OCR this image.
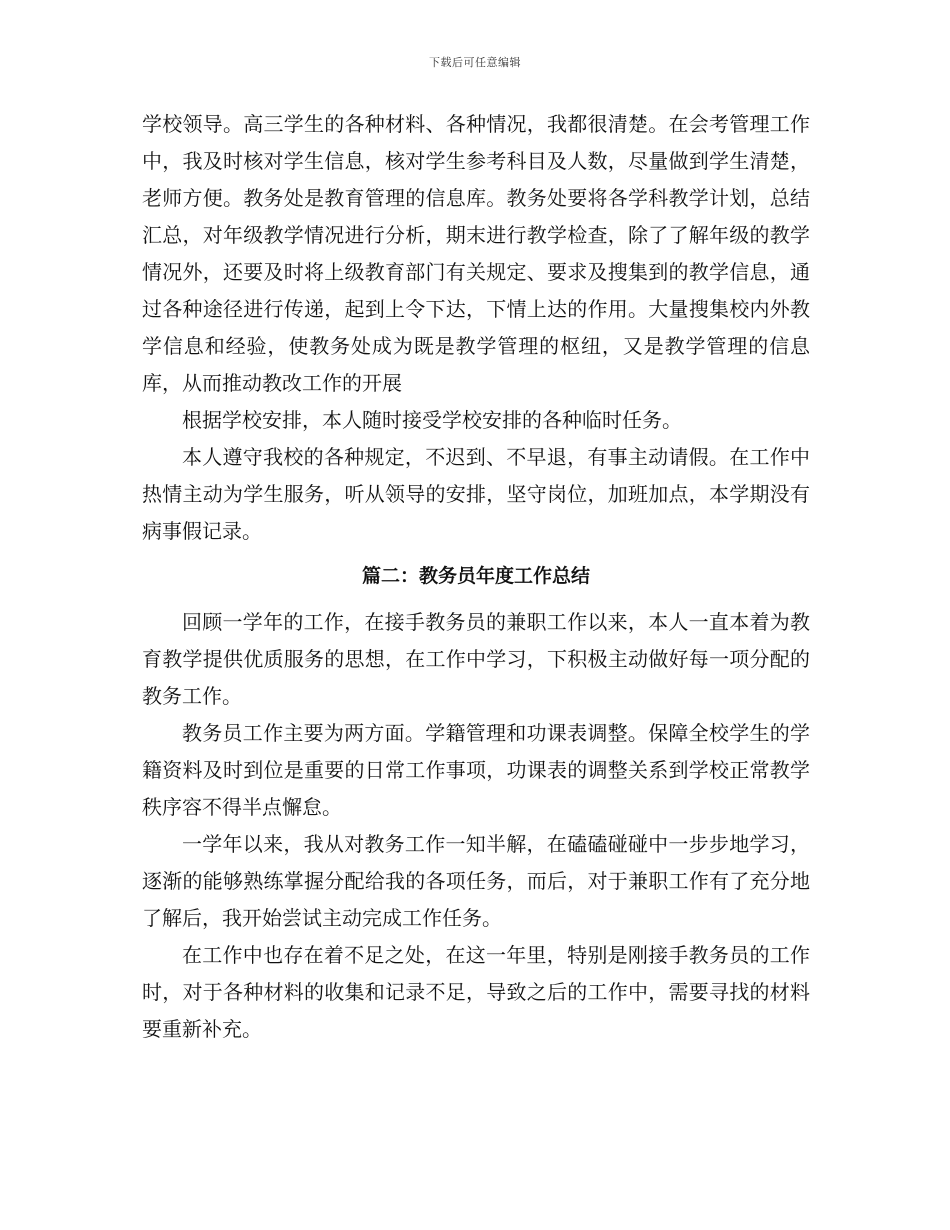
下载后可任意编辑

学校领导。高三学生的各种材料、各种情况，我都很清楚。在会考管理工作中，我及时核对学生信息，核对学生参考科目及人数，尽量做到学生清楚，老师方便。教务处是教育管理的信息库。教务处要将各学科教学计划，总结汇总，对年级教学情况进行分析，期末进行教学检查，除了了解年级的教学情况外，还要及时将上级教育部门有关规定、要求及搜集到的教学信息，通过各种途径进行传递，起到上令下达，下情上达的作用。大量搜集校内外教学信息和经验，使教务处成为既是教学管理的枢纽，又是教学管理的信息库，从而推动教改工作的开展

根据学校安排，本人随时接受学校安排的各种临时任务。

本人遵守我校的各种规定，不迟到、不早退，有事主动请假。在工作中热情主动为学生服务，听从领导的安排，坚守岗位，加班加点，本学期没有病事假记录。

篇二：教务员年度工作总结

回顾一学年的工作，在接手教务员的兼职工作以来，本人一直本着为教育教学提供优质服务的思想，在工作中学习，下积极主动做好每一项分配的教务工作。

教务员工作主要为两方面。学籍管理和功课表调整。保障全校学生的学籍资料及时到位是重要的日常工作事项，功课表的调整关系到学校正常教学秩序容不得半点懈怠。

一学年以来，我从对教务工作一知半解，在磕磕碰碰中一步步地学习，逐渐的能够熟练掌握分配给我的各项任务，而后，对于兼职工作有了充分地了解后，我开始尝试主动完成工作任务。

在工作中也存在着不足之处，在这一年里，特别是刚接手教务员的工作时，对于各种材料的收集和记录不足，导致之后的工作中，需要寻找的材料要重新补充。
